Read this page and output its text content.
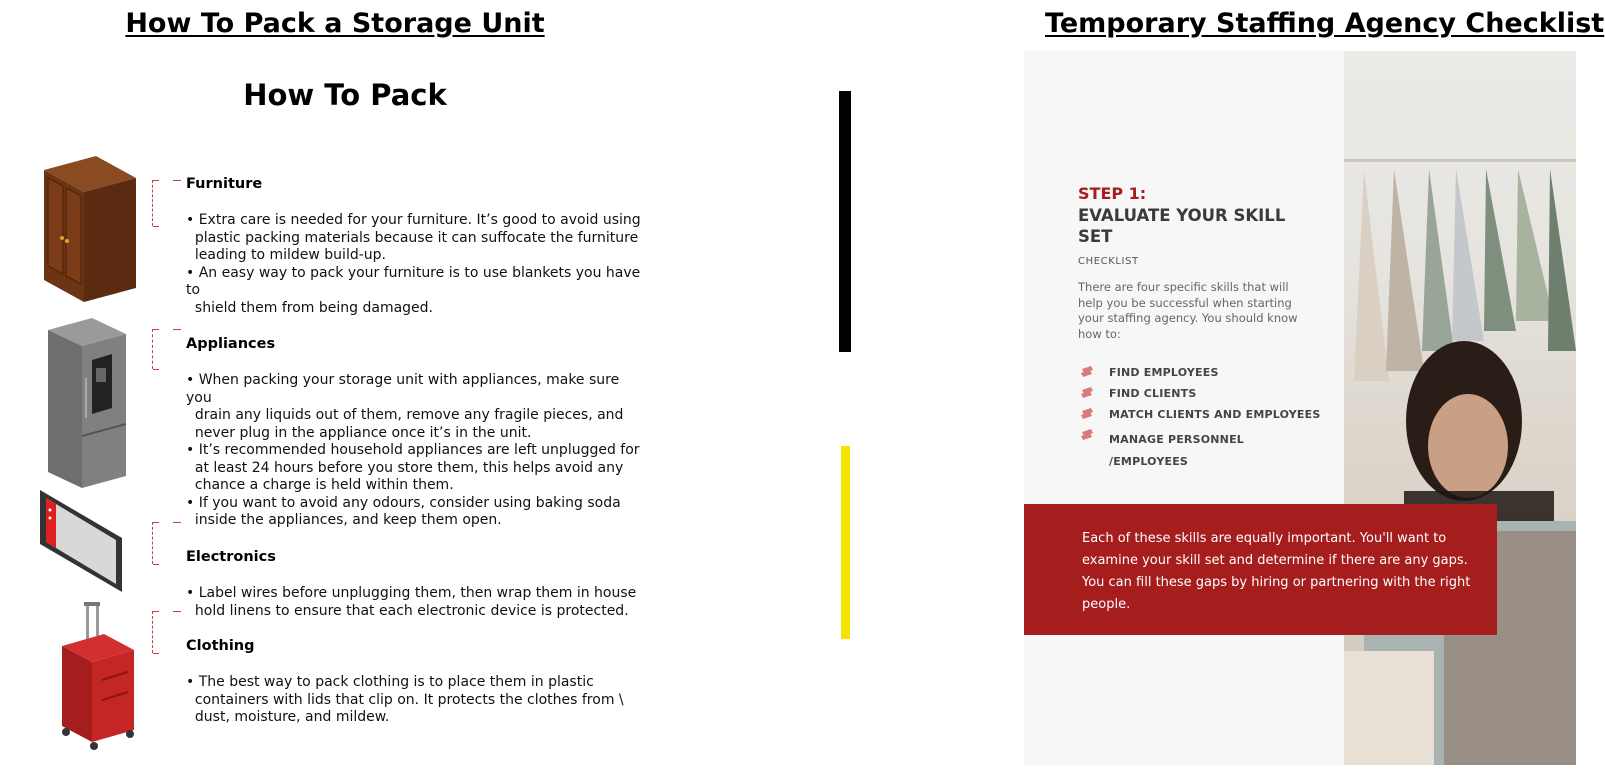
How To Pack a Storage Unit
How To Pack
Furniture
• Extra care is needed for your furniture. It’s good to avoid using
plastic packing materials because it can suffocate the furniture
leading to mildew build-up.
• An easy way to pack your furniture is to use blankets you have
to
shield them from being damaged.
Appliances
• When packing your storage unit with appliances, make sure
you
drain any liquids out of them, remove any fragile pieces, and
never plug in the appliance once it’s in the unit.
• It’s recommended household appliances are left unplugged for
at least 24 hours before you store them, this helps avoid any
chance a charge is held within them.
• If you want to avoid any odours, consider using baking soda
inside the appliances, and keep them open.
Electronics
• Label wires before unplugging them, then wrap them in house
hold linens to ensure that each electronic device is protected.
Clothing
• The best way to pack clothing is to place them in plastic
containers with lids that clip on. It protects the clothes from \
dust, moisture, and mildew.
Temporary Staffing Agency Checklist
STEP 1:
EVALUATE YOUR SKILL SET
CHECKLIST
There are four specific skills that will help you be successful when starting your staffing agency. You should know how to:
FIND EMPLOYEES
FIND CLIENTS
MATCH CLIENTS AND EMPLOYEES
MANAGE PERSONNEL /EMPLOYEES
Each of these skills are equally important. You'll want to examine your skill set and determine if there are any gaps. You can fill these gaps by hiring or partnering with the right people.
